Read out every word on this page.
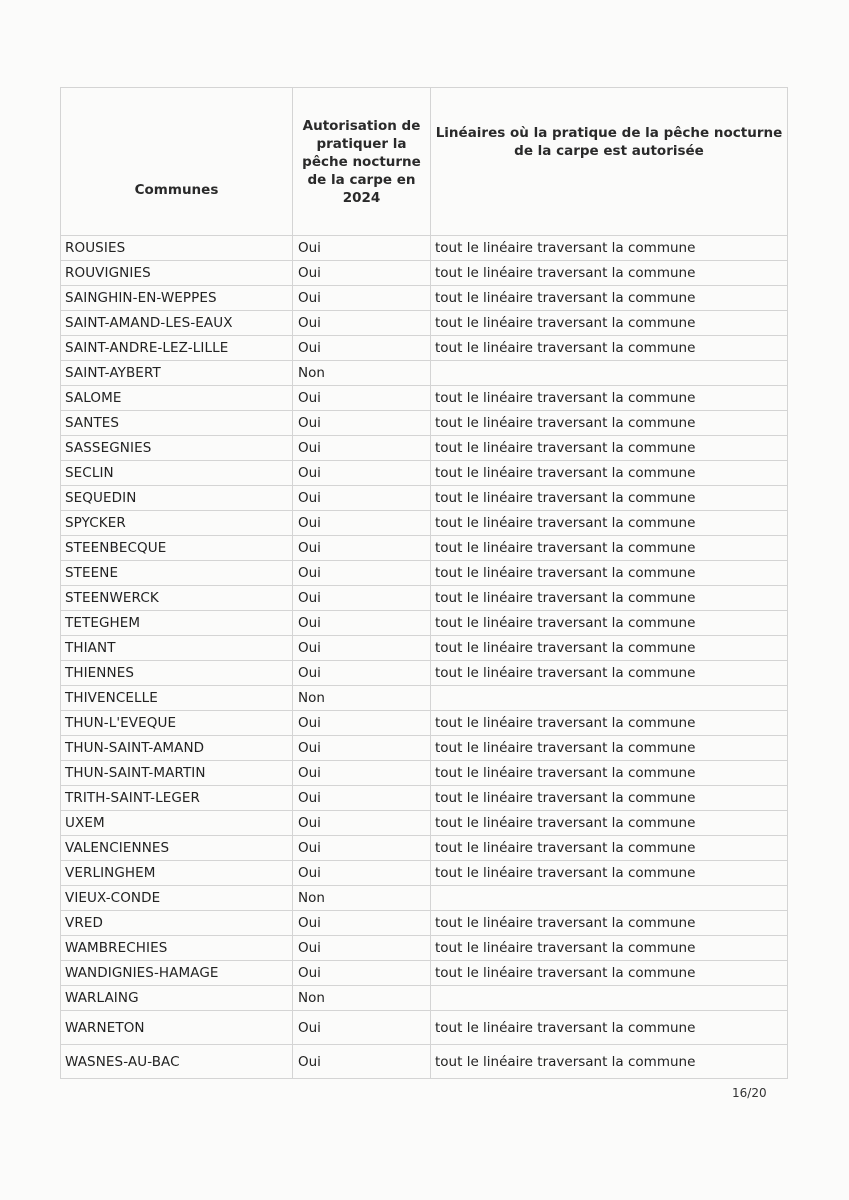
Communes	Autorisation de pratiquer la pêche nocturne de la carpe en 2024	Linéaires où la pratique de la pêche nocturne de la carpe est autorisée
ROUSIES	Oui	tout le linéaire traversant la commune
ROUVIGNIES	Oui	tout le linéaire traversant la commune
SAINGHIN-EN-WEPPES	Oui	tout le linéaire traversant la commune
SAINT-AMAND-LES-EAUX	Oui	tout le linéaire traversant la commune
SAINT-ANDRE-LEZ-LILLE	Oui	tout le linéaire traversant la commune
SAINT-AYBERT	Non	
SALOME	Oui	tout le linéaire traversant la commune
SANTES	Oui	tout le linéaire traversant la commune
SASSEGNIES	Oui	tout le linéaire traversant la commune
SECLIN	Oui	tout le linéaire traversant la commune
SEQUEDIN	Oui	tout le linéaire traversant la commune
SPYCKER	Oui	tout le linéaire traversant la commune
STEENBECQUE	Oui	tout le linéaire traversant la commune
STEENE	Oui	tout le linéaire traversant la commune
STEENWERCK	Oui	tout le linéaire traversant la commune
TETEGHEM	Oui	tout le linéaire traversant la commune
THIANT	Oui	tout le linéaire traversant la commune
THIENNES	Oui	tout le linéaire traversant la commune
THIVENCELLE	Non	
THUN-L'EVEQUE	Oui	tout le linéaire traversant la commune
THUN-SAINT-AMAND	Oui	tout le linéaire traversant la commune
THUN-SAINT-MARTIN	Oui	tout le linéaire traversant la commune
TRITH-SAINT-LEGER	Oui	tout le linéaire traversant la commune
UXEM	Oui	tout le linéaire traversant la commune
VALENCIENNES	Oui	tout le linéaire traversant la commune
VERLINGHEM	Oui	tout le linéaire traversant la commune
VIEUX-CONDE	Non	
VRED	Oui	tout le linéaire traversant la commune
WAMBRECHIES	Oui	tout le linéaire traversant la commune
WANDIGNIES-HAMAGE	Oui	tout le linéaire traversant la commune
WARLAING	Non	
WARNETON	Oui	tout le linéaire traversant la commune
WASNES-AU-BAC	Oui	tout le linéaire traversant la commune
16/20
